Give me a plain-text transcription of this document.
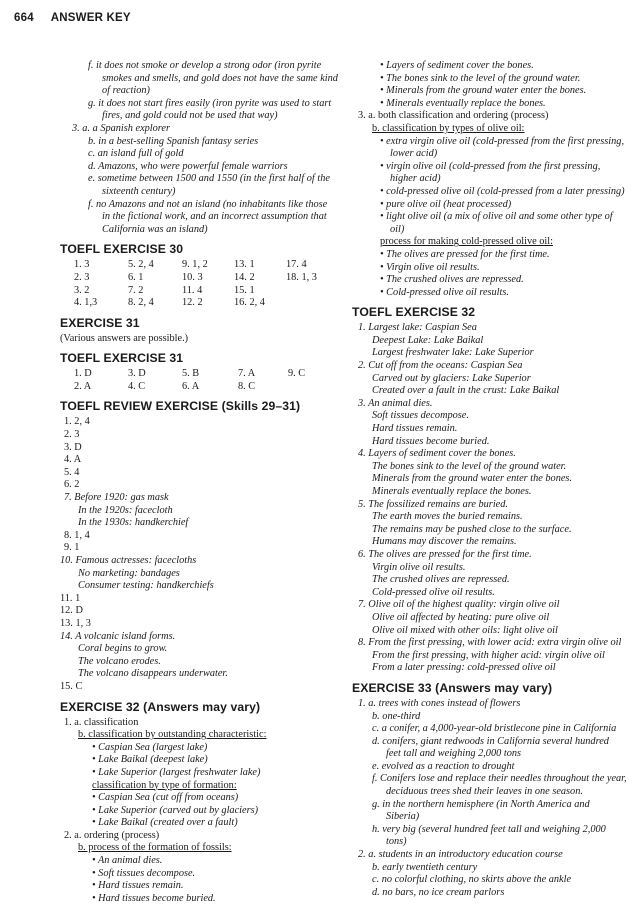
664 ANSWER KEY
f. it does not smoke or develop a strong odor (iron pyrite
smokes and smells, and gold does not have the same kind
of reaction)
g. it does not start fires easily (iron pyrite was used to start
fires, and gold could not be used that way)
3. a. a Spanish explorer
b. in a best-selling Spanish fantasy series
c. an island full of gold
d. Amazons, who were powerful female warriors
e. sometime between 1500 and 1550 (in the first half of the
sixteenth century)
f. no Amazons and not an island (no inhabitants like those
in the fictional work, and an incorrect assumption that
California was an island)
TOEFL EXERCISE 30
1. 3	5. 2, 4	9. 1, 2	13. 1	17. 4
2. 3	6. 1	10. 3	14. 2	18. 1, 3
3. 2	7. 2	11. 4	15. 1
4. 1,3	8. 2, 4	12. 2	16. 2, 4
EXERCISE 31
(Various answers are possible.)
TOEFL EXERCISE 31
1. D	3. D	5. B	7. A	9. C
2. A	4. C	6. A	8. C
TOEFL REVIEW EXERCISE (Skills 29–31)
1. 2, 4
2. 3
3. D
4. A
5. 4
6. 2
7. Before 1920: gas mask
In the 1920s: facecloth
In the 1930s: handkerchief
8. 1, 4
9. 1
10. Famous actresses: facecloths
No marketing: bandages
Consumer testing: handkerchiefs
11. 1
12. D
13. 1, 3
14. A volcanic island forms.
Coral begins to grow.
The volcano erodes.
The volcano disappears underwater.
15. C
EXERCISE 32 (Answers may vary)
1. a. classification
b. classification by outstanding characteristic:
• Caspian Sea (largest lake)
• Lake Baikal (deepest lake)
• Lake Superior (largest freshwater lake)
classification by type of formation:
• Caspian Sea (cut off from oceans)
• Lake Superior (carved out by glaciers)
• Lake Baikal (created over a fault)
2. a. ordering (process)
b. process of the formation of fossils:
• An animal dies.
• Soft tissues decompose.
• Hard tissues remain.
• Hard tissues become buried.
• Layers of sediment cover the bones.
• The bones sink to the level of the ground water.
• Minerals from the ground water enter the bones.
• Minerals eventually replace the bones.
3. a. both classification and ordering (process)
b. classification by types of olive oil:
• extra virgin olive oil (cold-pressed from the first pressing,
lower acid)
• virgin olive oil (cold-pressed from the first pressing,
higher acid)
• cold-pressed olive oil (cold-pressed from a later pressing)
• pure olive oil (heat processed)
• light olive oil (a mix of olive oil and some other type of
oil)
process for making cold-pressed olive oil:
• The olives are pressed for the first time.
• Virgin olive oil results.
• The crushed olives are repressed.
• Cold-pressed olive oil results.
TOEFL EXERCISE 32
1. Largest lake: Caspian Sea
Deepest Lake: Lake Baikal
Largest freshwater lake: Lake Superior
2. Cut off from the oceans: Caspian Sea
Carved out by glaciers: Lake Superior
Created over a fault in the crust: Lake Baikal
3. An animal dies.
Soft tissues decompose.
Hard tissues remain.
Hard tissues become buried.
4. Layers of sediment cover the bones.
The bones sink to the level of the ground water.
Minerals from the ground water enter the bones.
Minerals eventually replace the bones.
5. The fossilized remains are buried.
The earth moves the buried remains.
The remains may be pushed close to the surface.
Humans may discover the remains.
6. The olives are pressed for the first time.
Virgin olive oil results.
The crushed olives are repressed.
Cold-pressed olive oil results.
7. Olive oil of the highest quality: virgin olive oil
Olive oil affected by heating: pure olive oil
Olive oil mixed with other oils: light olive oil
8. From the first pressing, with lower acid: extra virgin olive oil
From the first pressing, with higher acid: virgin olive oil
From a later pressing: cold-pressed olive oil
EXERCISE 33 (Answers may vary)
1. a. trees with cones instead of flowers
b. one-third
c. a conifer, a 4,000-year-old bristlecone pine in California
d. conifers, giant redwoods in California several hundred
feet tall and weighing 2,000 tons
e. evolved as a reaction to drought
f. Conifers lose and replace their needles throughout the year,
deciduous trees shed their leaves in one season.
g. in the northern hemisphere (in North America and
Siberia)
h. very big (several hundred feet tall and weighing 2,000
tons)
2. a. students in an introductory education course
b. early twentieth century
c. no colorful clothing, no skirts above the ankle
d. no bars, no ice cream parlors
